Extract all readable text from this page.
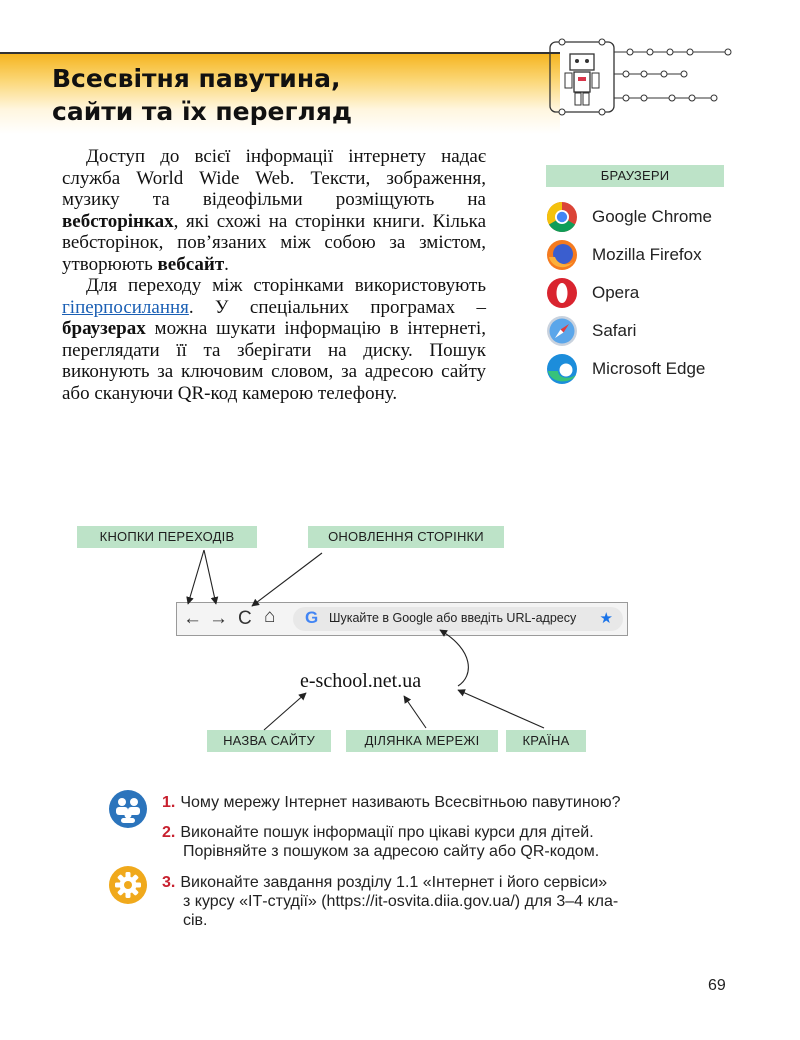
Всесвітня павутина,
сайти та їх перегляд

Доступ до всієї інформації інтернету надає служба World Wide Web. Тексти, зображення, музику та відеофільми розміщують на вебсторінках, які схожі на сторінки книги. Кілька вебсторінок, пов’язаних між собою за змістом, утворюють вебсайт.

Для переходу між сторінками використовують гіперпосилання. У спеціальних програмах – браузерах можна шукати інформацію в інтернеті, переглядати її та зберігати на диску. Пошук виконують за ключовим словом, за адресою сайту або скануючи QR-код камерою телефону.

БРАУЗЕРИ
Google Chrome
Mozilla Firefox
Opera
Safari
Microsoft Edge
КНОПКИ ПЕРЕХОДІВ	ОНОВЛЕННЯ СТОРІНКИ
← → C ⌂ G Шукайте в Google або введіть URL-адресу ★
e-school.net.ua
НАЗВА САЙТУ	ДІЛЯНКА МЕРЕЖІ	КРАЇНА
1. Чому мережу Інтернет називають Всесвітньою павутиною?
2. Виконайте пошук інформації про цікаві курси для дітей.
Порівняйте з пошуком за адресою сайту або QR-кодом.
3. Виконайте завдання розділу 1.1 «Інтернет і його сервіси»
з курсу «ІТ-студії» (https://it-osvita.diia.gov.ua/) для 3–4 кла-
сів.
69
